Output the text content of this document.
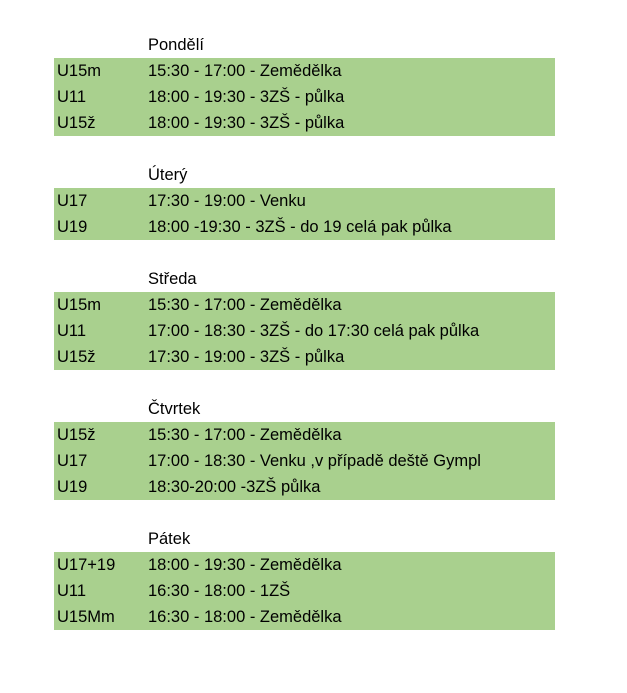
Pondělí
U15m	15:30 - 17:00 - Zemědělka
U11	18:00 - 19:30 - 3ZŠ - půlka
U15ž	18:00 - 19:30 - 3ZŠ - půlka
Úterý
U17	17:30 - 19:00 - Venku
U19	18:00 -19:30 - 3ZŠ - do 19 celá pak půlka
Středa
U15m	15:30 - 17:00 - Zemědělka
U11	17:00 - 18:30 - 3ZŠ - do 17:30 celá pak půlka
U15ž	17:30 - 19:00 - 3ZŠ - půlka
Čtvrtek
U15ž	15:30 - 17:00 - Zemědělka
U17	17:00 - 18:30 - Venku ,v případě deště Gympl
U19	18:30-20:00 -3ZŠ půlka
Pátek
U17+19	18:00 - 19:30 - Zemědělka
U11	16:30 - 18:00 - 1ZŠ
U15Mm	16:30 - 18:00 - Zemědělka
